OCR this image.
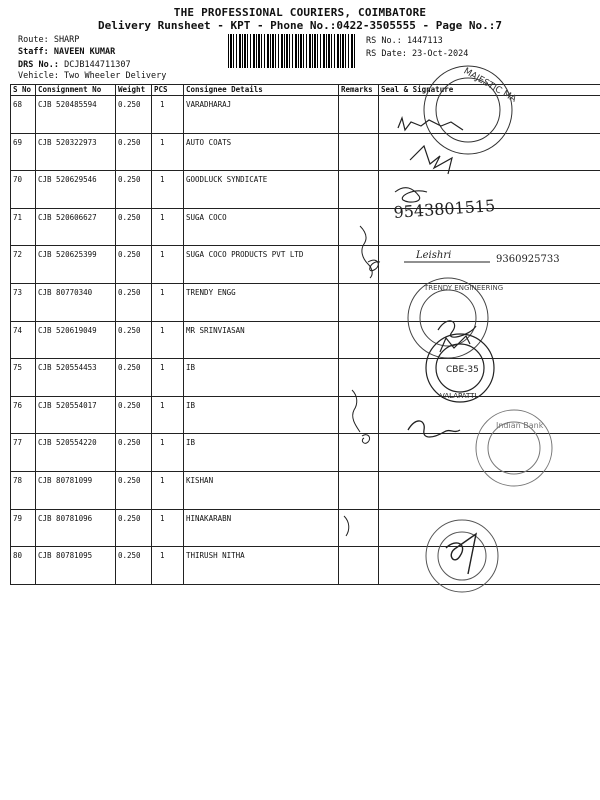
THE PROFESSIONAL COURIERS, COIMBATORE
Delivery Runsheet - KPT - Phone No.:0422-3505555 - Page No.:7
Route: SHARP
Staff: NAVEEN KUMAR
DRS No.: DCJB144711307
Vehicle: Two Wheeler Delivery
RS No.: 1447113
RS Date: 23-Oct-2024
S No	Consignment No	Weight	PCS	Consignee Details	Remarks	Seal & Signature
68	CJB 520485594	0.250	1	VARADHARAJ		
69	CJB 520322973	0.250	1	AUTO COATS		
70	CJB 520629546	0.250	1	GOODLUCK SYNDICATE		
71	CJB 520606627	0.250	1	SUGA COCO		
72	CJB 520625399	0.250	1	SUGA COCO PRODUCTS PVT LTD		
73	CJB 80770340	0.250	1	TRENDY ENGG		
74	CJB 520619049	0.250	1	MR SRINVIASAN		
75	CJB 520554453	0.250	1	IB		
76	CJB 520554017	0.250	1	IB		
77	CJB 520554220	0.250	1	IB		
78	CJB 80781099	0.250	1	KISHAN		
79	CJB 80781096	0.250	1	HINAKARABN		
80	CJB 80781095	0.250	1	THIRUSH NITHA		
MAJESTIC MA
9543801515
Leishri	9360925733
TRENDY ENGINEERING
CBE-35
VALAPATTI
Indian Bank
